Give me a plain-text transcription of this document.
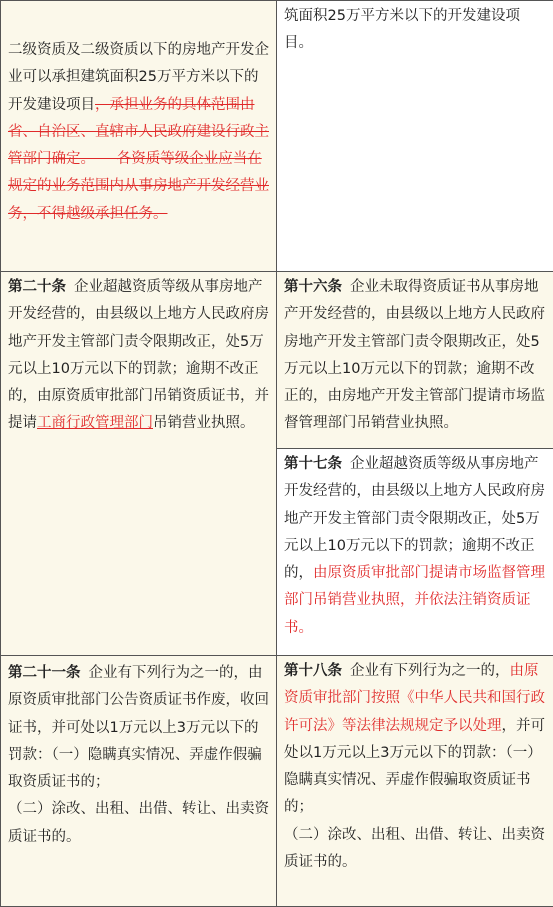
二级资质及二级资质以下的房地产开发企业可以承担建筑面积25万平方米以下的开发建设项目，承担业务的具体范围由省、自治区、直辖市人民政府建设行政主管部门确定。　　各资质等级企业应当在规定的业务范围内从事房地产开发经营业务，不得越级承担任务。	筑面积25万平方米以下的开发建设项目。
第二十条 企业超越资质等级从事房地产开发经营的，由县级以上地方人民政府房地产开发主管部门责令限期改正，处5万元以上10万元以下的罚款；逾期不改正的，由原资质审批部门吊销资质证书，并提请工商行政管理部门吊销营业执照。	第十六条 企业未取得资质证书从事房地产开发经营的，由县级以上地方人民政府房地产开发主管部门责令限期改正，处5万元以上10万元以下的罚款；逾期不改正的，由房地产开发主管部门提请市场监督管理部门吊销营业执照。
	第十七条 企业超越资质等级从事房地产开发经营的，由县级以上地方人民政府房地产开发主管部门责令限期改正，处5万元以上10万元以下的罚款；逾期不改正的，由原资质审批部门提请市场监督管理部门吊销营业执照，并依法注销资质证书。
第二十一条 企业有下列行为之一的，由原资质审批部门公告资质证书作废，收回证书，并可处以1万元以上3万元以下的罚款：（一）隐瞒真实情况、弄虚作假骗取资质证书的；
（二）涂改、出租、出借、转让、出卖资质证书的。	第十八条 企业有下列行为之一的，由原资质审批部门按照《中华人民共和国行政许可法》等法律法规规定予以处理，并可处以1万元以上3万元以下的罚款：（一）隐瞒真实情况、弄虚作假骗取资质证书的；
（二）涂改、出租、出借、转让、出卖资质证书的。
